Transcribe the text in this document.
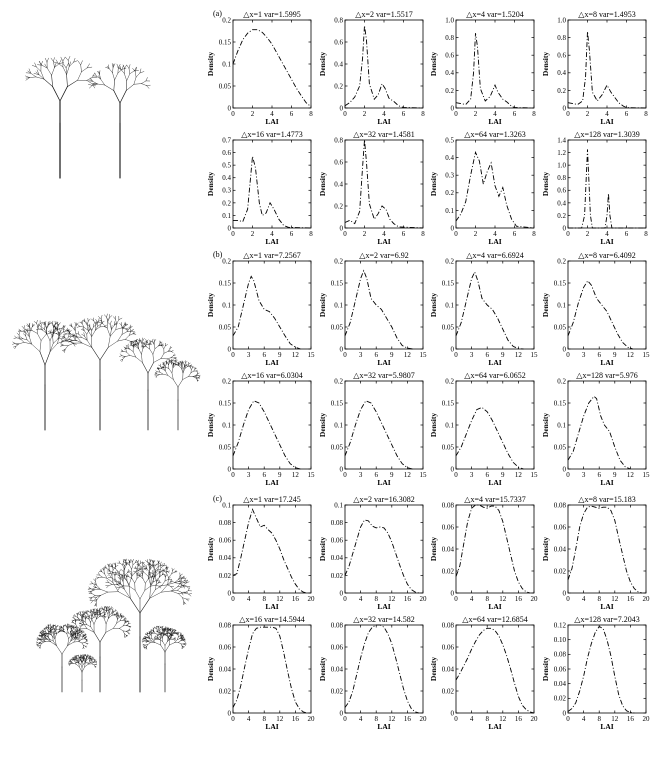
(a)	△x=1 var=1.5995
0
0.05
0.1
0.15
0.2
0 2 4 6 8
LAI
Density
△x=2 var=1.5517
0
0.2
0.4
0.6
0.8
0 2 4 6 8
LAI
Density
△x=4 var=1.5204
0
0.2
0.4
0.6
0.8
1.0
0 2 4 6 8
LAI
Density
△x=8 var=1.4953
0
0.2
0.4
0.6
0.8
1.0
0 2 4 6 8
LAI
Density
△x=16 var=1.4773
0
0.1
0.2
0.3
0.4
0.5
0.6
0.7
0 2 4 6 8
LAI
Density
△x=32 var=1.4581
0
0.2
0.4
0.6
0.8
0 2 4 6 8
LAI
Density
△x=64 var=1.3263
0
0.1
0.2
0.3
0.4
0.5
0 2 4 6 8
LAI
Density
△x=128 var=1.3039
0
0.2
0.4
0.6
0.8
1.0
1.2
1.4
0 2 4 6 8
LAI
Density
(b)	△x=1 var=7.2567
0
0.05
0.1
0.15
0.2
0 3 6 9 12 15
LAI
Density
△x=2 var=6.92
0
0.05
0.1
0.15
0.2
0 3 6 9 12 15
LAI
Density
△x=4 var=6.6924
0
0.05
0.1
0.15
0.2
0 3 6 9 12 15
LAI
Density
△x=8 var=6.4092
0
0.05
0.1
0.15
0.2
0 3 6 9 12 15
LAI
Density
△x=16 var=6.0304
0
0.05
0.1
0.15
0.2
0 3 6 9 12 15
LAI
Density
△x=32 var=5.9807
0
0.05
0.1
0.15
0.2
0 3 6 9 12 15
LAI
Density
△x=64 var=6.0652
0
0.05
0.1
0.15
0.2
0 3 6 9 12 15
LAI
Density
△x=128 var=5.976
0
0.05
0.1
0.15
0.2
0 3 6 9 12 15
LAI
Density
(c)	△x=1 var=17.245
0
0.02
0.04
0.06
0.08
0.1
0 4 8 12 16 20
LAI
Density
△x=2 var=16.3082
0
0.02
0.04
0.06
0.08
0.1
0 4 8 12 16 20
LAI
Density
△x=4 var=15.7337
0
0.02
0.04
0.06
0.08
0 4 8 12 16 20
LAI
Density
△x=8 var=15.183
0
0.02
0.04
0.06
0.08
0 4 8 12 16 20
LAI
Density
△x=16 var=14.5944
0
0.02
0.04
0.06
0.08
0 4 8 12 16 20
LAI
Density
△x=32 var=14.582
0
0.02
0.04
0.06
0.08
0 4 8 12 16 20
LAI
Density
△x=64 var=12.6854
0
0.02
0.04
0.06
0.08
0 4 8 12 16 20
LAI
Density
△x=128 var=7.2043
0
0.02
0.04
0.06
0.08
0.10
0.12
0 4 8 12 16 20
LAI
Density
